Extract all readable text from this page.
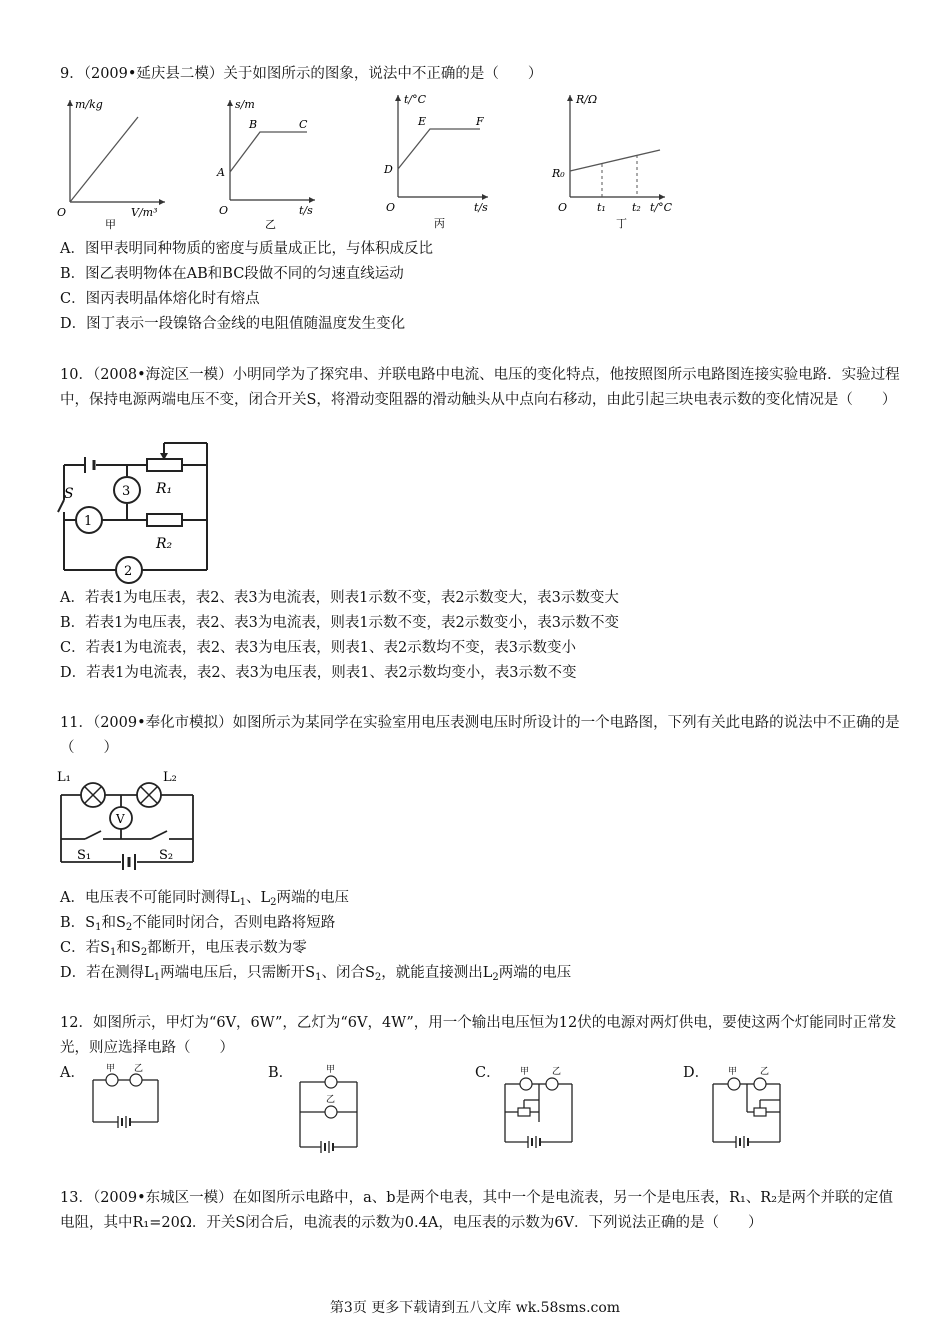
9．（2009•延庆县二模）关于如图所示的图象，说法中不正确的是（　　）
m/kg
V/m³
O
甲
s/m
t/s
O
A
B	C
乙
t/°C
t/s
O
D
E	F
丙
R/Ω
t/°C
O
R₀
t₁ t₂
丁
A．图甲表明同种物质的密度与质量成正比，与体积成反比
B．图乙表明物体在AB和BC段做不同的匀速直线运动
C．图丙表明晶体熔化时有熔点
D．图丁表示一段镍铬合金线的电阻值随温度发生变化
10．（2008•海淀区一模）小明同学为了探究串、并联电路中电流、电压的变化特点，他按照图所示电路图连接实验电路．实验过程中，保持电源两端电压不变，闭合开关S，将滑动变阻器的滑动触头从中点向右移动，由此引起三块电表示数的变化情况是（　　）
3
1
2
S	R₁
R₂
A．若表1为电压表，表2、表3为电流表，则表1示数不变，表2示数变大，表3示数变大
B．若表1为电压表，表2、表3为电流表，则表1示数不变，表2示数变小，表3示数不变
C．若表1为电流表，表2、表3为电压表，则表1、表2示数均不变，表3示数变小
D．若表1为电流表，表2、表3为电压表，则表1、表2示数均变小，表3示数不变
11．（2009•奉化市模拟）如图所示为某同学在实验室用电压表测电压时所设计的一个电路图，下列有关此电路的说法中不正确的是（　　）
V
L₁	L₂
S₁	S₂
A．电压表不可能同时测得$L_1$、$L_2$两端的电压
B．$S_1$和$S_2$不能同时闭合，否则电路将短路
C．若$S_1$和$S_2$都断开，电压表示数为零
D．若在测得$L_1$两端电压后，只需断开$S_1$、闭合$S_2$，就能直接测出$L_2$两端的电压
12．如图所示，甲灯为“6V，6W”，乙灯为“6V，4W”，用一个输出电压恒为12伏的电源对两灯供电，要使这两个灯能同时正常发光，则应选择电路（　　）
A． 甲 乙	B．	甲
乙
C． 甲	乙	D． 甲	乙
13．（2009•东城区一模）在如图所示电路中，a、b是两个电表，其中一个是电流表，另一个是电压表，R₁、R₂是两个并联的定值电阻，其中R₁=20Ω．开关S闭合后，电流表的示数为0.4A，电压表的示数为6V．下列说法正确的是（　　）
第3页 更多下载请到五八文库 wk.58sms.com
